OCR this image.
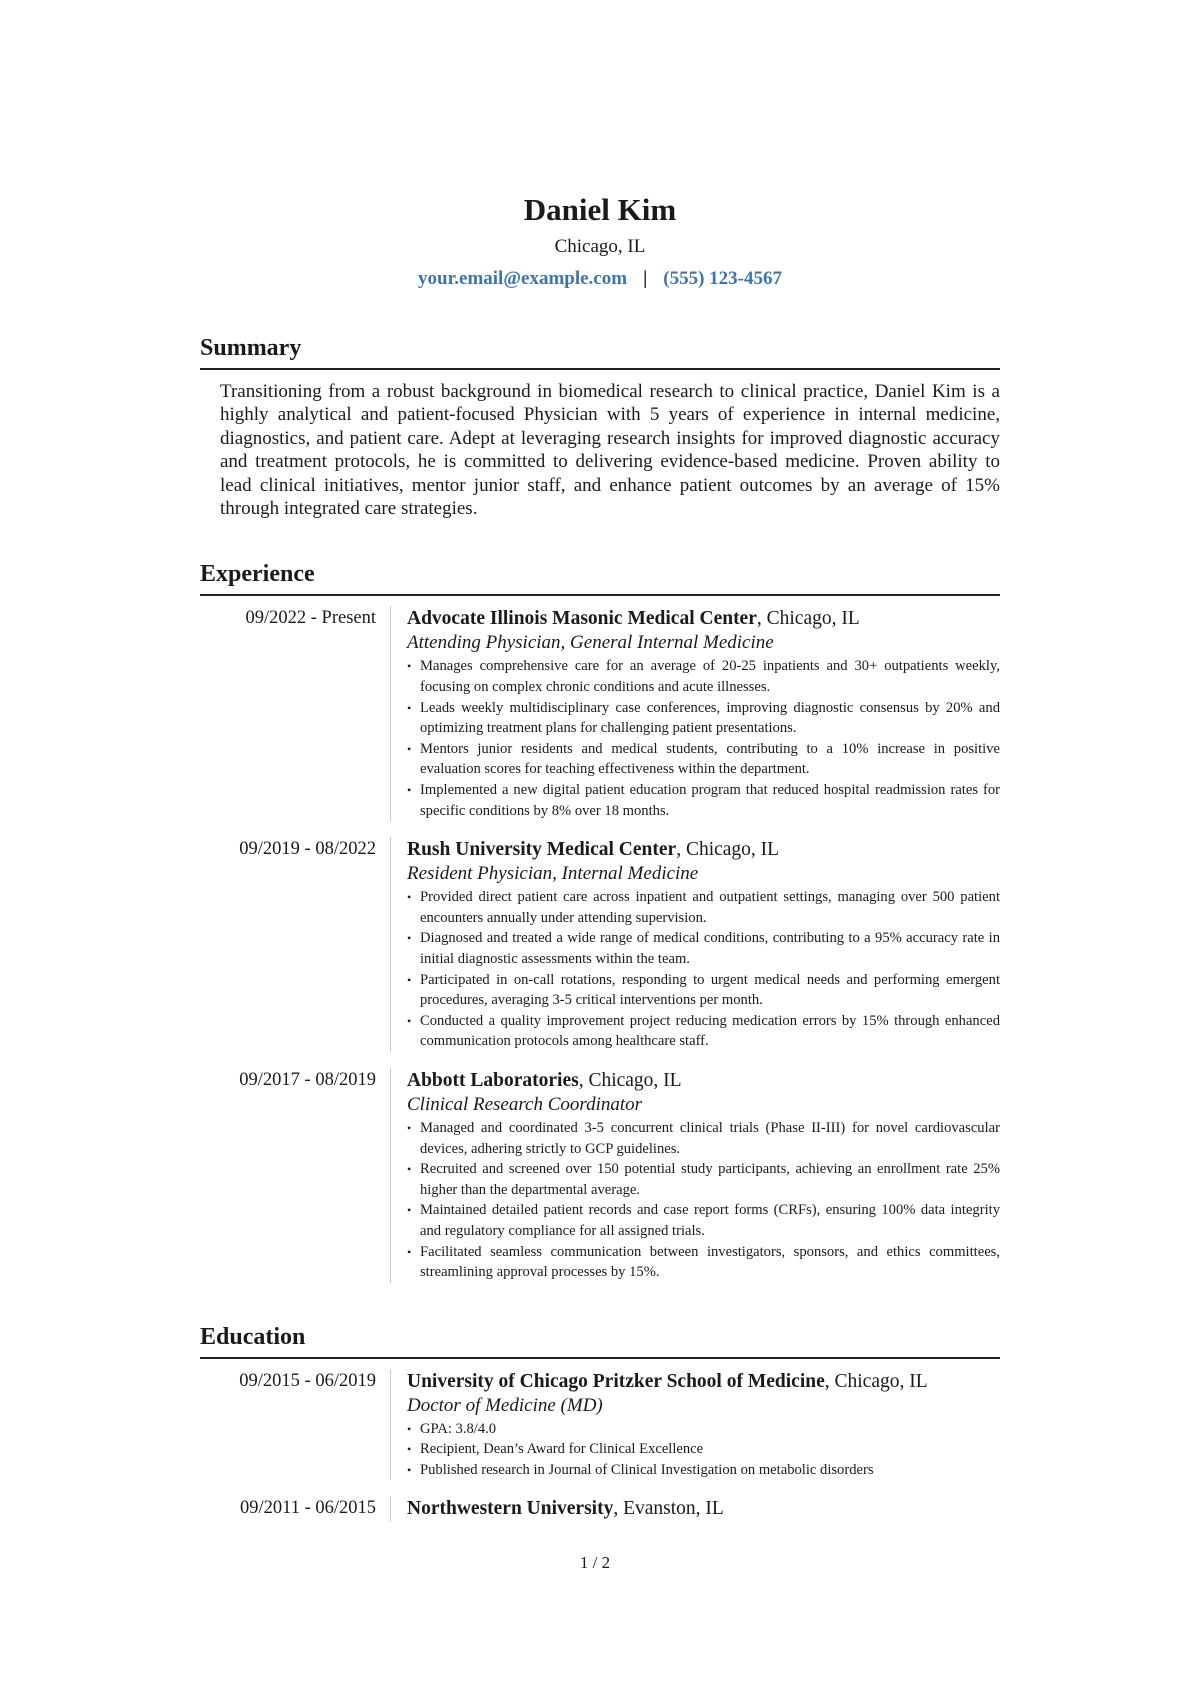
Daniel Kim
Chicago, IL
your.email@example.com | (555) 123-4567
Summary

Transitioning from a robust background in biomedical research to clinical practice, Daniel Kim is a highly analytical and patient-focused Physician with 5 years of experience in internal medicine, diagnostics, and patient care. Adept at leveraging research insights for improved diagnostic accuracy and treatment protocols, he is committed to delivering evidence-based medicine. Proven ability to lead clinical initiatives, mentor junior staff, and enhance patient outcomes by an average of 15% through integrated care strategies.

Experience
09/2022 - Present	Advocate Illinois Masonic Medical Center, Chicago, IL
Attending Physician, General Internal Medicine
• Manages comprehensive care for an average of 20-25 inpatients and 30+ outpatients weekly, focusing on complex chronic conditions and acute illnesses.
• Leads weekly multidisciplinary case conferences, improving diagnostic consensus by 20% and optimizing treatment plans for challenging patient presentations.
• Mentors junior residents and medical students, contributing to a 10% increase in positive evaluation scores for teaching effectiveness within the department.
• Implemented a new digital patient education program that reduced hospital readmission rates for specific conditions by 8% over 18 months.
09/2019 - 08/2022	Rush University Medical Center, Chicago, IL
Resident Physician, Internal Medicine
• Provided direct patient care across inpatient and outpatient settings, managing over 500 patient encounters annually under attending supervision.
• Diagnosed and treated a wide range of medical conditions, contributing to a 95% accuracy rate in initial diagnostic assessments within the team.
• Participated in on-call rotations, responding to urgent medical needs and performing emergent procedures, averaging 3-5 critical interventions per month.
• Conducted a quality improvement project reducing medication errors by 15% through enhanced communication protocols among healthcare staff.
09/2017 - 08/2019	Abbott Laboratories, Chicago, IL
Clinical Research Coordinator
• Managed and coordinated 3-5 concurrent clinical trials (Phase II-III) for novel cardiovascular devices, adhering strictly to GCP guidelines.
• Recruited and screened over 150 potential study participants, achieving an enrollment rate 25% higher than the departmental average.
• Maintained detailed patient records and case report forms (CRFs), ensuring 100% data integrity and regulatory compliance for all assigned trials.
• Facilitated seamless communication between investigators, sponsors, and ethics committees, streamlining approval processes by 15%.
Education
09/2015 - 06/2019	University of Chicago Pritzker School of Medicine, Chicago, IL
Doctor of Medicine (MD)
• GPA: 3.8/4.0
• Recipient, Dean’s Award for Clinical Excellence
• Published research in Journal of Clinical Investigation on metabolic disorders
09/2011 - 06/2015	Northwestern University, Evanston, IL
1 / 2
